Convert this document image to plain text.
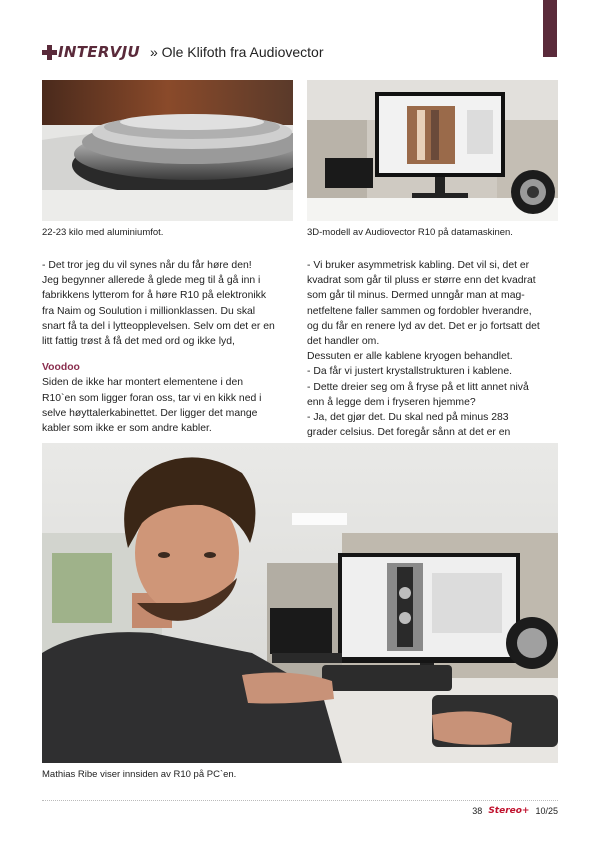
INTERVJU » Ole Klifoth fra Audiovector
22-23 kilo med aluminiumfot.	3D-modell av Audiovector R10 på datamaskinen.

- Det tror jeg du vil synes når du får høre den!

Jeg begynner allerede å glede meg til å gå inn i

fabrikkens lytterom for å høre R10 på elektronikk

fra Naim og Soulution i millionklassen. Du skal

snart få ta del i lytteopplevelsen. Selv om det er en

litt fattig trøst å få det med ord og ikke lyd,

Voodoo

Siden de ikke har montert elementene i den

R10`en som ligger foran oss, tar vi en kikk ned i

selve høyttalerkabinettet. Der ligger det mange

kabler som ikke er som andre kabler.

- Vi bruker asymmetrisk kabling. Det vil si, det er

kvadrat som går til pluss er større enn det kvadrat

som går til minus. Dermed unngår man at mag-

netfeltene faller sammen og fordobler hverandre,

og du får en renere lyd av det. Det er jo fortsatt det

det handler om.

Dessuten er alle kablene kryogen behandlet.

- Da får vi justert krystallstrukturen i kablene.

- Dette dreier seg om å fryse på et litt annet nivå

enn å legge dem i fryseren hjemme?

- Ja, det gjør det. Du skal ned på minus 283

grader celsius. Det foregår sånn at det er en

Mathias Ribe viser innsiden av R10 på PC`en.
38 Stereo+ 10/25
